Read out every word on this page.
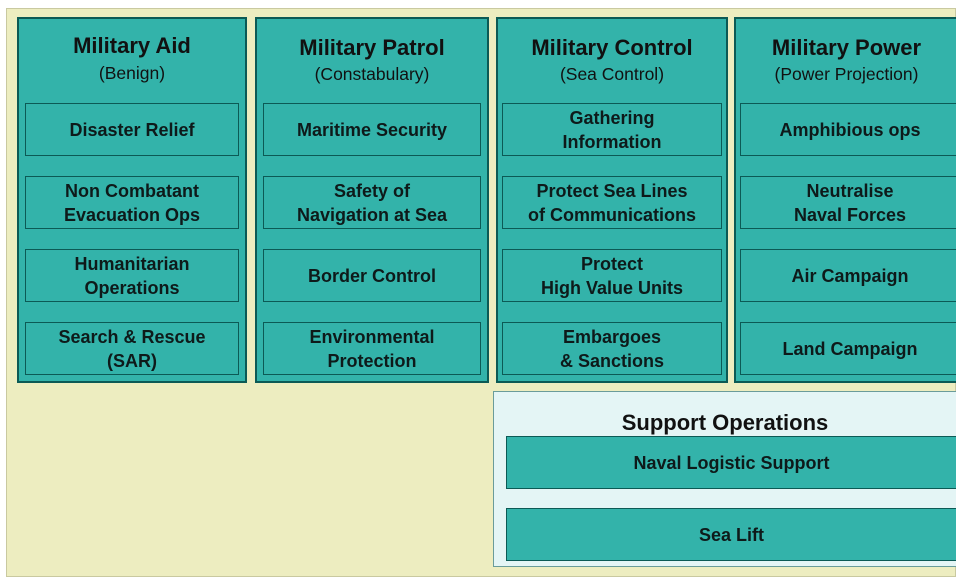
Military Aid
(Benign)
Disaster Relief
Non Combatant
Evacuation Ops
Humanitarian
Operations
Search & Rescue
(SAR)
Military Patrol
(Constabulary)
Maritime Security
Safety of
Navigation at Sea
Border Control
Environmental
Protection
Military Control
(Sea Control)
Gathering
Information
Protect Sea Lines
of Communications
Protect
High Value Units
Embargoes
& Sanctions
Military Power
(Power Projection)
Amphibious ops
Neutralise
Naval Forces
Air Campaign
Land Campaign
Support Operations
Naval Logistic Support
Sea Lift
